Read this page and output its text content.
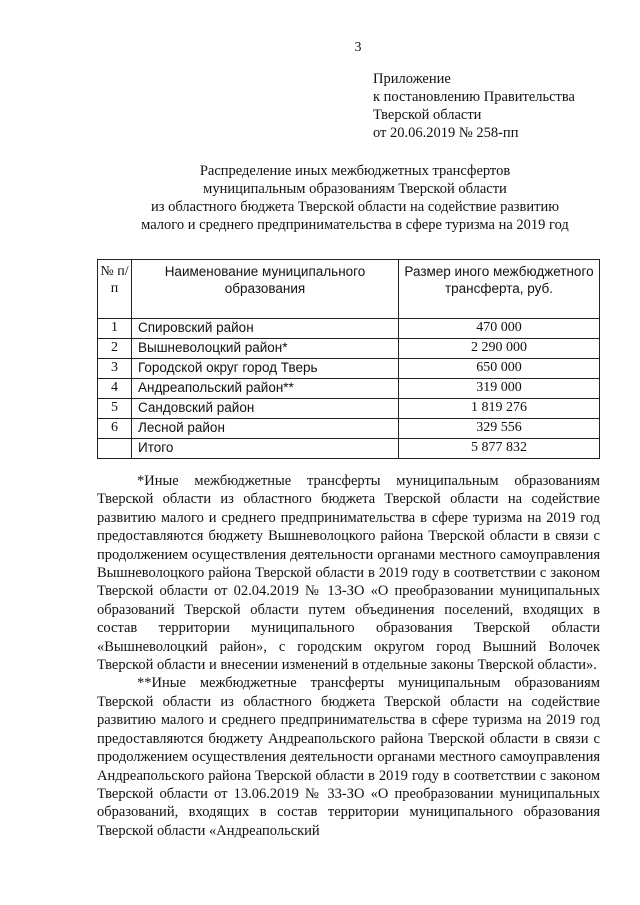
3
Приложение
к постановлению Правительства
Тверской области
от 20.06.2019 № 258-пп
Распределение иных межбюджетных трансфертов
муниципальным образованиям Тверской области
из областного бюджета Тверской области на содействие развитию
малого и среднего предпринимательства в сфере туризма на 2019 год
№ п/п	Наименование муниципального образования	Размер иного межбюджетного трансферта, руб.
1	Спировский район	470 000
2	Вышневолоцкий район*	2 290 000
3	Городской округ город Тверь	650 000
4	Андреапольский район**	319 000
5	Сандовский район	1 819 276
6	Лесной район	329 556
	Итого	5 877 832

*Иные межбюджетные трансферты муниципальным образованиям Тверской области из областного бюджета Тверской области на содействие развитию малого и среднего предпринимательства в сфере туризма на 2019 год предоставляются бюджету Вышневолоцкого района Тверской области в связи с продолжением осуществления деятельности органами местного самоуправления Вышневолоцкого района Тверской области в 2019 году в соответствии с законом Тверской области от 02.04.2019 № 13-ЗО «О преобразовании муниципальных образований Тверской области путем объединения поселений, входящих в состав территории муниципального образования Тверской области «Вышневолоцкий район», с городским округом город Вышний Волочек Тверской области и внесении изменений в отдельные законы Тверской области».

**Иные межбюджетные трансферты муниципальным образованиям Тверской области из областного бюджета Тверской области на содействие развитию малого и среднего предпринимательства в сфере туризма на 2019 год предоставляются бюджету Андреапольского района Тверской области в связи с продолжением осуществления деятельности органами местного самоуправления Андреапольского района Тверской области в 2019 году в соответствии с законом Тверской области от 13.06.2019 № 33-ЗО «О преобразовании муниципальных образований, входящих в состав территории муниципального образования Тверской области «Андреапольский
